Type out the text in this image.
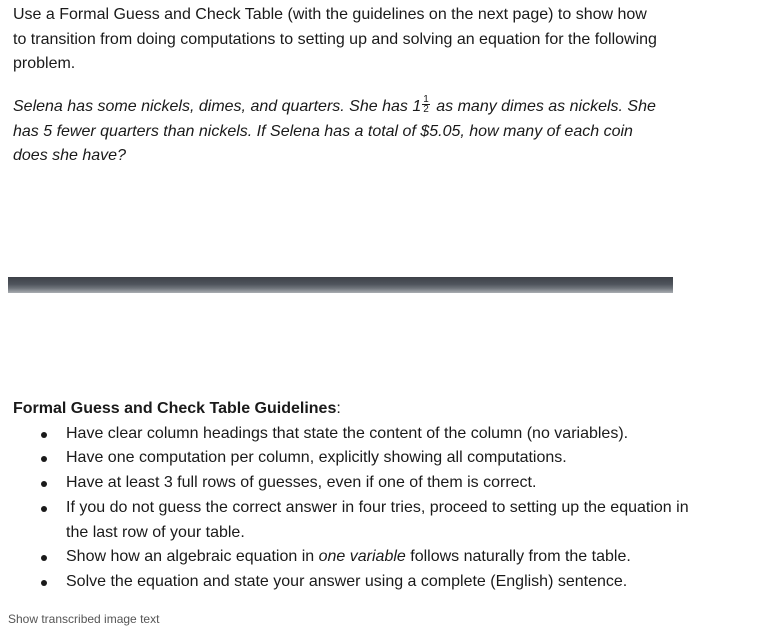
Use a Formal Guess and Check Table (with the guidelines on the next page) to show how to transition from doing computations to setting up and solving an equation for the following problem.

Selena has some nickels, dimes, and quarters. She has $1 \frac{1}{2}$ as many dimes as nickels. She has 5 fewer quarters than nickels. If Selena has a total of $5.05, how many of each coin does she have?

Formal Guess and Check Table Guidelines:

Have clear column headings that state the content of the column (no variables).
Have one computation per column, explicitly showing all computations.
Have at least 3 full rows of guesses, even if one of them is correct.
If you do not guess the correct answer in four tries, proceed to setting up the equation in the last row of your table.
Show how an algebraic equation in one variable follows naturally from the table.
Solve the equation and state your answer using a complete (English) sentence.
Show transcribed image text
